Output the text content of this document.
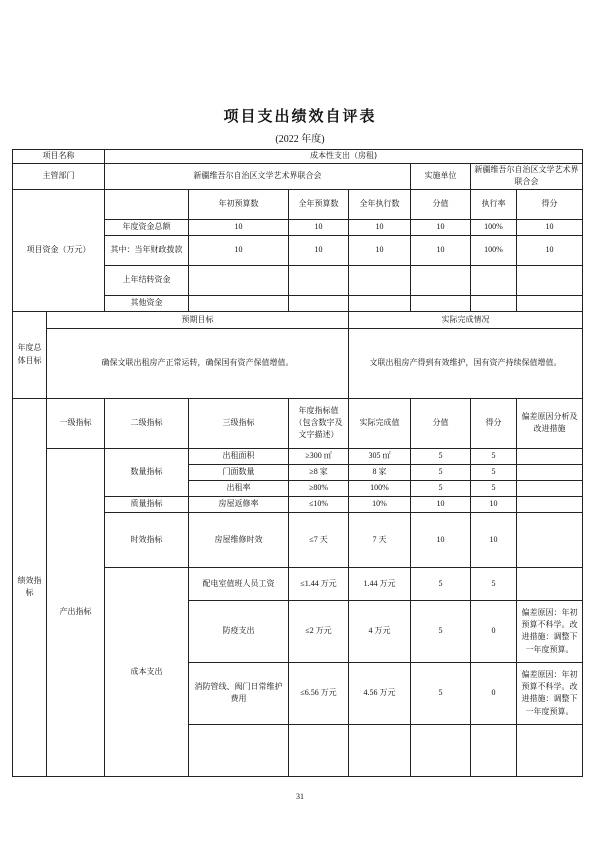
项目支出绩效自评表
(2022 年度)
项目名称		成本性支出（房租)						
主管部门		新疆维吾尔自治区文学艺术界联合会				实施单位	新疆维吾尔自治区文学艺术界联合会	
项目资金（万元）			年初预算数	全年预算数	全年执行数	分值	执行率	得分
		年度资金总额	10	10	10	10	100%	10
		其中：当年财政拨款	10	10	10	10	100%	10
		上年结转资金						
		其他资金						
年度总体目标	预期目标				实际完成情况			
	确保文联出租房产正常运转，确保国有资产保值增值。				文联出租房产得到有效维护，国有资产持续保值增值。			
绩效指标	一级指标	二级指标	三级指标	年度指标值（包含数字及文字描述）	实际完成值	分值	得分	偏差原因分析及改进措施
	产出指标	数量指标	出租面积	≥300 ㎡	305 ㎡	5	5	
			门面数量	≥8 家	8 家	5	5	
			出租率	≥80%	100%	5	5	
		质量指标	房屋返修率	≤10%	10%	10	10	
		时效指标	房屋维修时效	≤7 天	7 天	10	10	
		成本支出	配电室值班人员工资	≤1.44 万元	1.44 万元	5	5	
			防疫支出	≤2 万元	4 万元	5	0	偏差原因：年初预算不科学。改进措施：调整下一年度预算。
			消防管线、阀门日常维护费用	≤6.56 万元	4.56 万元	5	0	偏差原因：年初预算不科学。改进措施：调整下一年度预算。

31
